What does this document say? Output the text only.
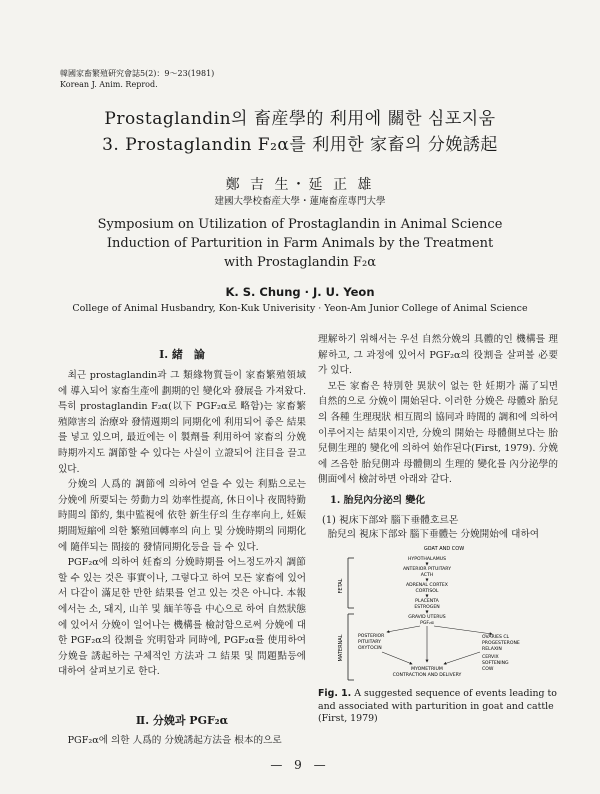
韓國家畜繁殖硏究會誌5(2)：9～23(1981)
Korean J. Anim. Reprod.
Prostaglandin의 畜産學的 利用에 關한 심포지움
3. Prostaglandin F₂α를 利用한 家畜의 分娩誘起
鄭 吉 生・延 正 雄
建國大學校畜産大學・蓮庵畜産專門大學
Symposium on Utilization of Prostaglandin in Animal Science
Induction of Parturition in Farm Animals by the Treatment
with Prostaglandin F₂α
K. S. Chung · J. U. Yeon
College of Animal Husbandry, Kon-Kuk Univerisity · Yeon-Am Junior College of Animal Science
Ⅰ. 緒　論

최근 prostaglandin과 그 類緣物質들이 家畜繁殖領域에 導入되어 家畜生產에 劃期的인 變化와 發展을 가져왔다. 특히 prostaglandin F₂α(以下 PGF₂α로 略함)는 家畜繁殖障害의 治療와 發情週期의 同期化에 利用되어 좋은 結果를 넣고 있으며, 最近에는 이 製劑를 利用하여 家畜의 分娩時期까지도 調節할 수 있다는 사실이 立證되어 注目을 끌고 있다.

分娩의 人爲的 調節에 의하여 얻을 수 있는 利點으로는 分娩에 所要되는 勞動力의 効率性提高, 休日이나 夜間特勤時間의 節約, 集中監視에 依한 新生仔의 生存率向上, 妊娠期間短縮에 의한 繁殖回轉率의 向上 및 分娩時期의 同期化에 隨伴되는 間接的 發情同期化등을 들 수 있다.

PGF₂α에 의하여 妊畜의 分娩時期를 어느정도까지 調節할 수 있는 것은 事實이나, 그렇다고 하여 모든 家畜에 있어서 다같이 滿足한 만한 結果를 얻고 있는 것은 아니다. 本報에서는 소, 돼지, 山羊 및 緬羊等을 中心으로 하여 自然狀態에 있어서 分娩이 일어나는 機構를 檢討함으로써 分娩에 대한 PGF₂α의 役割을 究明함과 同時에, PGF₂α를 使用하여 分娩을 誘起하는 구체적인 方法과 그 結果 및 問題點등에 대하여 살펴보기로 한다.

Ⅱ. 分娩과 PGF₂α

PGF₂α에 의한 人爲的 分娩誘起方法을 根本的으로

理解하기 위해서는 우선 自然分娩의 具體的인 機構를 理解하고, 그 과정에 있어서 PGF₂α의 役割을 살펴볼 必要가 있다.

모든 家畜은 特別한 異狀이 없는 한 妊期가 滿了되면 自然的으로 分娩이 開始된다. 이러한 分娩은 母體와 胎兒의 各種 生理現狀 相互間의 協同과 時間的 調和에 의하여 이루어지는 結果이지만, 分娩의 開始는 母體側보다는 胎兒側生理的 變化에 의하여 始作된다(First, 1979). 分娩에 즈음한 胎兒側과 母體側의 生理的 變化를 內分泌學的 側面에서 檢討하면 아래와 같다.

1. 胎兒內分泌의 變化
(1) 視床下部와 腦下垂體호르몬

胎兒의 視床下部와 腦下垂體는 分娩開始에 대하여

GOAT AND COW
FETAL
MATERNAL
HYPOTHALAMUS
ANTERIOR PITUITARY
ACTH
ADRENAL CORTEX
CORTISOL
PLACENTA
ESTROGEN
GRAVID UTERUS
PGF₂α
POSTERIOR
PITUITARY
OXYTOCIN
OVARIES CL
PROGESTERONE
RELAXIN
CERVIX
SOFTENING
COW
MYOMETRIUM
CONTRACTION AND DELIVERY
Fig. 1. A suggested sequence of events leading to and associated with parturition in goat and cattle (First, 1979)
— 9 —
